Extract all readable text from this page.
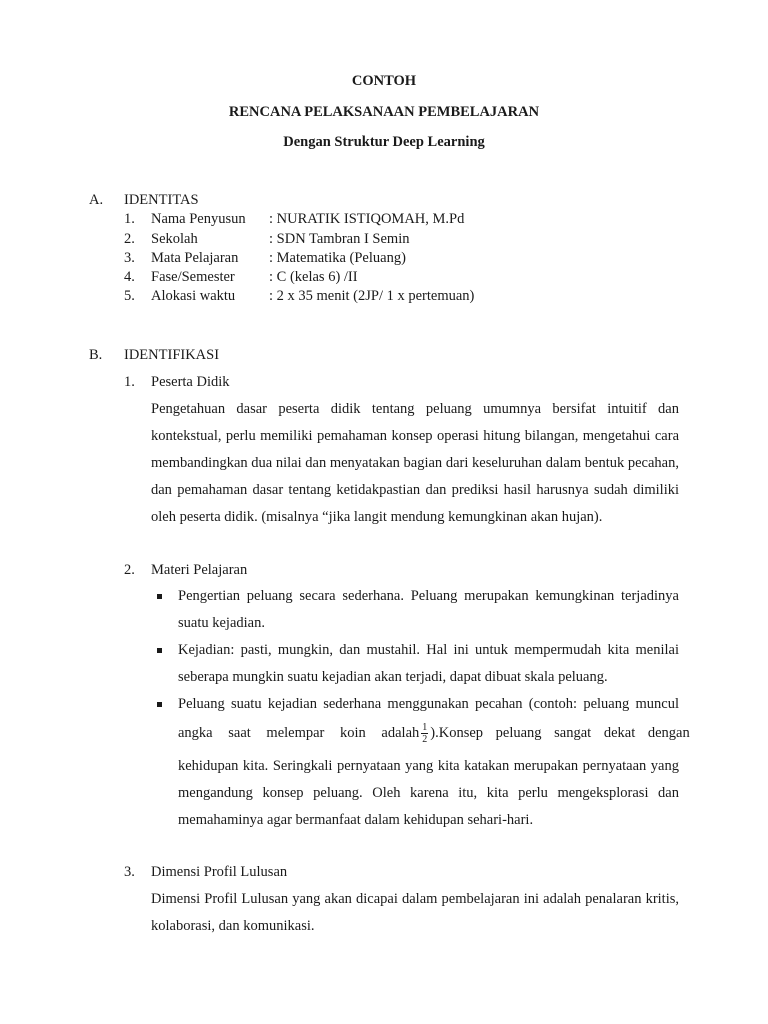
CONTOH
RENCANA PELAKSANAAN PEMBELAJARAN
Dengan Struktur Deep Learning
A. IDENTITAS
1. Nama Penyusun : NURATIK ISTIQOMAH, M.Pd
2. Sekolah	: SDN Tambran I Semin
3. Mata Pelajaran : Matematika (Peluang)
4. Fase/Semester : C (kelas 6) /II
5. Alokasi waktu : 2 x 35 menit (2JP/ 1 x pertemuan)
B. IDENTIFIKASI
1. Peserta Didik
Pengetahuan dasar peserta didik tentang peluang umumnya bersifat intuitif dan kontekstual, perlu memiliki pemahaman konsep operasi hitung bilangan, mengetahui cara membandingkan dua nilai dan menyatakan bagian dari keseluruhan dalam bentuk pecahan, dan pemahaman dasar tentang ketidakpastian dan prediksi hasil harusnya sudah dimiliki oleh peserta didik. (misalnya “jika langit mendung kemungkinan akan hujan).
2. Materi Pelajaran
Pengertian peluang secara sederhana. Peluang merupakan kemungkinan terjadinya suatu kejadian.
Kejadian: pasti, mungkin, dan mustahil. Hal ini untuk mempermudah kita menilai seberapa mungkin suatu kejadian akan terjadi, dapat dibuat skala peluang.
Peluang suatu kejadian sederhana menggunakan pecahan (contoh: peluang muncul
angka saat melempar koin adalah $\frac{1}{2}$ ).Konsep peluang sangat dekat dengan
kehidupan kita. Seringkali pernyataan yang kita katakan merupakan pernyataan yang mengandung konsep peluang. Oleh karena itu, kita perlu mengeksplorasi dan memahaminya agar bermanfaat dalam kehidupan sehari-hari.
3. Dimensi Profil Lulusan
Dimensi Profil Lulusan yang akan dicapai dalam pembelajaran ini adalah penalaran kritis, kolaborasi, dan komunikasi.
